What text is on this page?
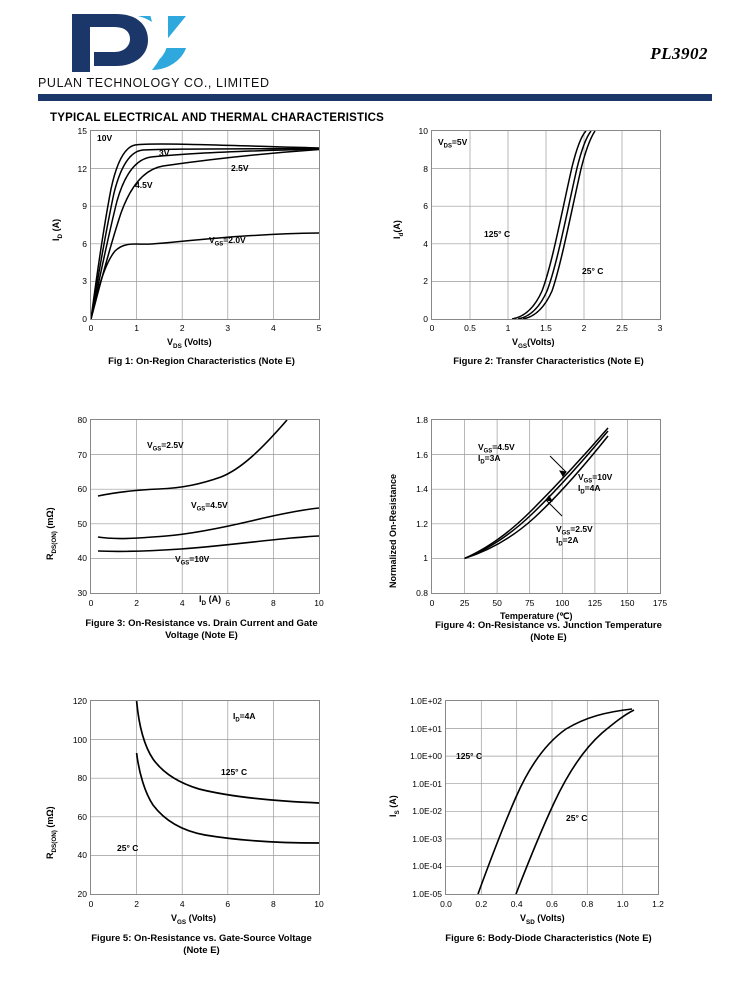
PL3902
PULAN TECHNOLOGY CO., LIMITED
TYPICAL ELECTRICAL AND THERMAL CHARACTERISTICS
10V
3V
4.5V
2.5V
$V_{GS}=2.0V$
15
12
9
6
3
0
0	1	2	3	4	5
$I_D$ (A)
$V_{DS}$ (Volts)
Fig 1: On-Region Characteristics (Note E)
$V_{DS}=5V$
125° C
25° C
10
8
6
4
2
0
0	0.5	1	1.5	2	2.5	3
$I_d(A)$
$V_{GS}(Volts)$
Figure 2: Transfer Characteristics (Note E)
$V_{GS}=2.5V$
$V_{GS}=4.5V$
$V_{GS}=10V$
80
70
60
50
40
30
0	2	4	6	8	10
$R_{DS(ON)}$ (mΩ)
$I_D$ (A)
Figure 3: On-Resistance vs. Drain Current and Gate
Voltage (Note E)
$V_{GS}=4.5V$
$I_D=3A$
$V_{GS}=10V$
$I_D=4A$
$V_{GS}=2.5V$
$I_D=2A$
1.8
1.6
1.4
1.2
1
0.8
0	25	50	75 100 125 150 175
Normalized On-Resistance
Temperature (℃)
Figure 4: On-Resistance vs. Junction Temperature
(Note E)
$I_D=4A$
125° C
25° C
120
100
80
60
40
20
0	2	4	6	8	10
$R_{DS(ON)}$ (mΩ)
$V_{GS}$ (Volts)
Figure 5: On-Resistance vs. Gate-Source Voltage
(Note E)
125° C
25° C
1.0E+02
1.0E+01
1.0E+00
1.0E-01
1.0E-02
1.0E-03
1.0E-04
1.0E-05
0.0	0.2	0.4	0.6	0.8	1.0	1.2
$I_S$ (A)
$V_{SD}$ (Volts)
Figure 6: Body-Diode Characteristics (Note E)
